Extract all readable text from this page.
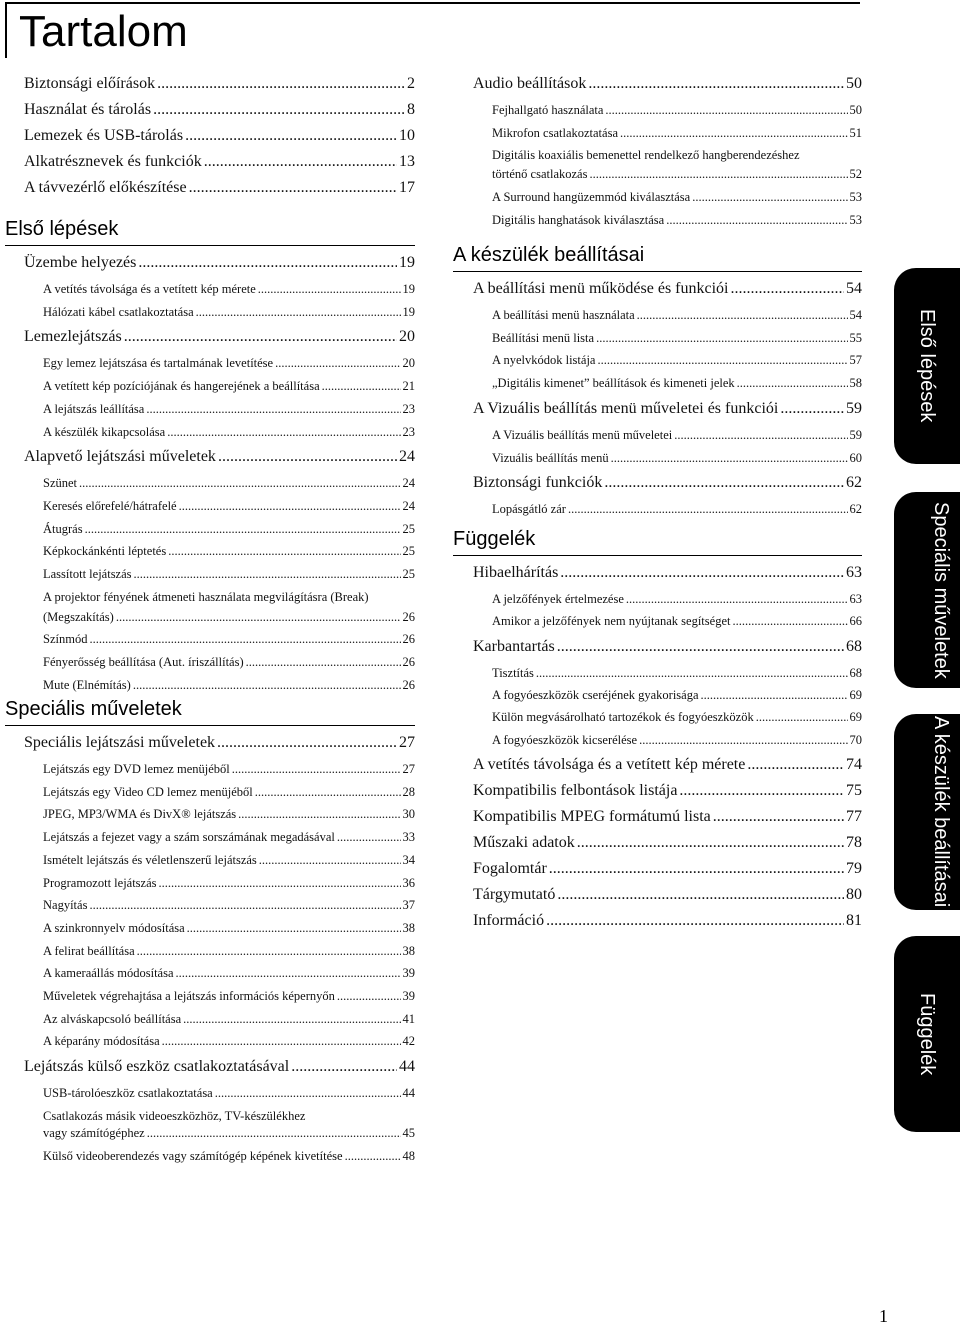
Tartalom
Biztonsági előírások .....	2
Használat és tárolás .....	8
Lemezek és USB-tárolás .....	10
Alkatrésznevek és funkciók .....	13
A távvezérlő előkészítése .....	17
Első lépések
Üzembe helyezés .....	19
A vetítés távolsága és a vetített kép mérete .....	19
Hálózati kábel csatlakoztatása .....	19
Lemezlejátszás .....	20
Egy lemez lejátszása és tartalmának levetítése .....	20
A vetített kép pozíciójának és hangerejének a beállítása .....	21
A lejátszás leállítása .....	23
A készülék kikapcsolása .....	23
Alapvető lejátszási műveletek .....	24
Szünet .....	24
Keresés előrefelé/hátrafelé .....	24
Átugrás .....	25
Képkockánkénti léptetés .....	25
Lassított lejátszás .....	25
A projektor fényének átmeneti használata megvilágításra (Break)
(Megszakítás) .....	26
Színmód .....	26
Fényerősség beállítása (Aut. íriszállítás) .....	26
Mute (Elnémítás) .....	26
Speciális műveletek
Speciális lejátszási műveletek .....	27
Lejátszás egy DVD lemez menüjéből .....	27
Lejátszás egy Video CD lemez menüjéből .....	28
JPEG, MP3/WMA és DivX® lejátszás .....	30
Lejátszás a fejezet vagy a szám sorszámának megadásával .....	33
Ismételt lejátszás és véletlenszerű lejátszás .....	34
Programozott lejátszás .....	36
Nagyítás .....	37
A szinkronnyelv módosítása .....	38
A felirat beállítása .....	38
A kameraállás módosítása .....	39
Műveletek végrehajtása a lejátszás információs képernyőn .....	39
Az alváskapcsoló beállítása .....	41
A képarány módosítása .....	42
Lejátszás külső eszköz csatlakoztatásával .....	44
USB-tárolóeszköz csatlakoztatása .....	44
Csatlakozás másik videoeszközhöz, TV-készülékhez
vagy számítógéphez .....	45
Külső videoberendezés vagy számítógép képének kivetítése .....	48
Audio beállítások .....	50
Fejhallgató használata .....	50
Mikrofon csatlakoztatása .....	51
Digitális koaxiális bemenettel rendelkező hangberendezéshez
történő csatlakozás .....	52
A Surround hangüzemmód kiválasztása .....	53
Digitális hanghatások kiválasztása .....	53
A készülék beállításai
A beállítási menü működése és funkciói .....	54
A beállítási menü használata .....	54
Beállítási menü lista .....	55
A nyelvkódok listája .....	57
„Digitális kimenet” beállítások és kimeneti jelek .....	58
A Vizuális beállítás menü műveletei és funkciói .....	59
A Vizuális beállítás menü műveletei .....	59
Vizuális beállítás menü .....	60
Biztonsági funkciók .....	62
Lopásgátló zár .....	62
Függelék
Hibaelhárítás .....	63
A jelzőfények értelmezése .....	63
Amikor a jelzőfények nem nyújtanak segítséget .....	66
Karbantartás .....	68
Tisztítás .....	68
A fogyóeszközök cseréjének gyakorisága .....	69
Külön megvásárolható tartozékok és fogyóeszközök .....	69
A fogyóeszközök kicserélése .....	70
A vetítés távolsága és a vetített kép mérete .....	74
Kompatibilis felbontások listája .....	75
Kompatibilis MPEG formátumú lista .....	77
Műszaki adatok .....	78
Fogalomtár .....	79
Tárgymutató .....	80
Információ .....	81
Első lépések
Speciális műveletek
A készülék beállításai
Függelék
1
